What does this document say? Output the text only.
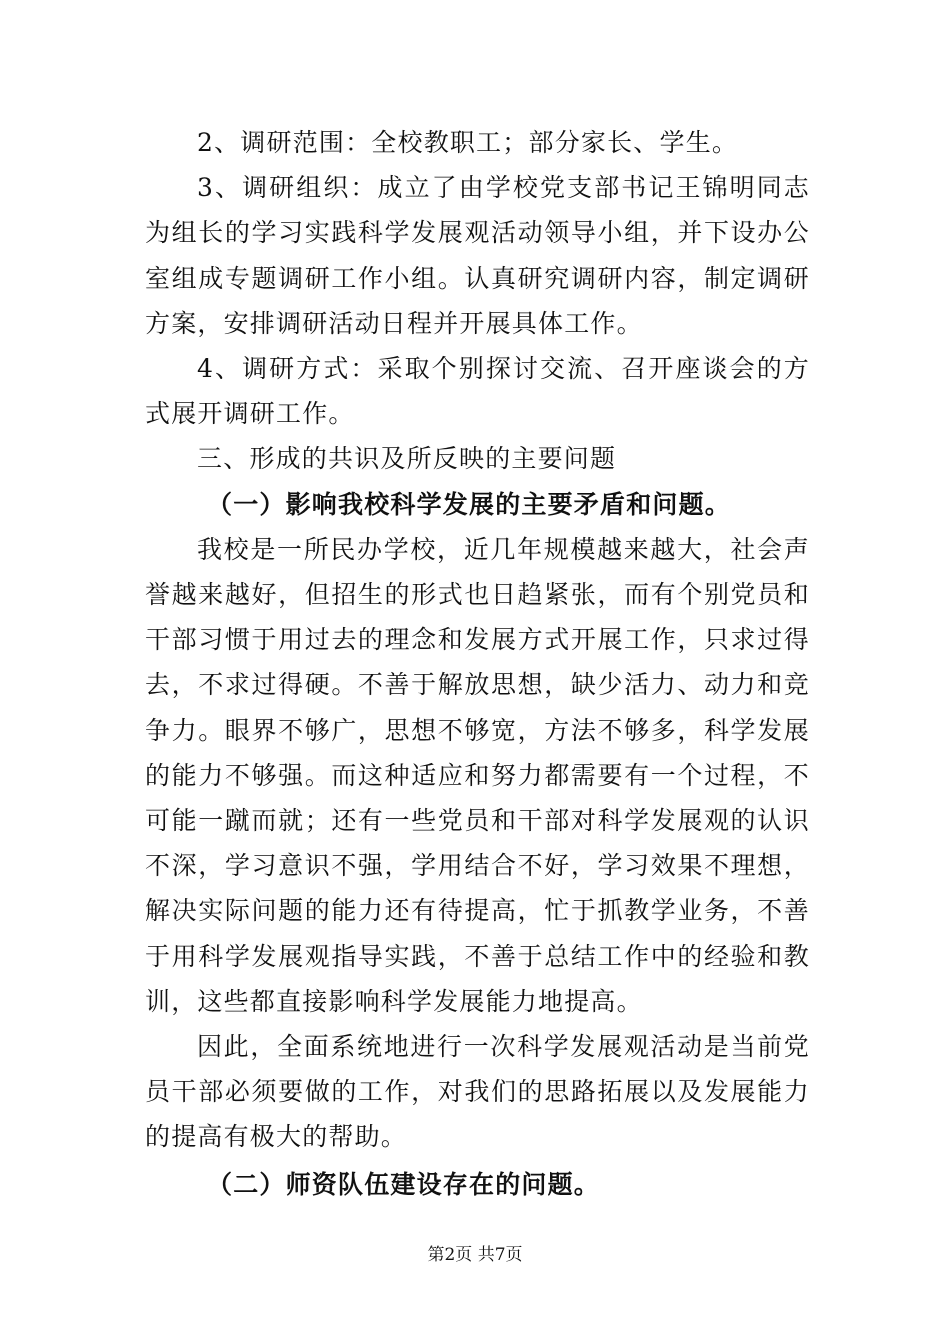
2、调研范围：全校教职工；部分家长、学生。

3、调研组织：成立了由学校党支部书记王锦明同志为组长的学习实践科学发展观活动领导小组，并下设办公室组成专题调研工作小组。认真研究调研内容，制定调研方案，安排调研活动日程并开展具体工作。

4、调研方式：采取个别探讨交流、召开座谈会的方式展开调研工作。

三、形成的共识及所反映的主要问题
（一）影响我校科学发展的主要矛盾和问题。

我校是一所民办学校，近几年规模越来越大，社会声誉越来越好，但招生的形式也日趋紧张，而有个别党员和干部习惯于用过去的理念和发展方式开展工作，只求过得去，不求过得硬。不善于解放思想，缺少活力、动力和竞争力。眼界不够广，思想不够宽，方法不够多，科学发展的能力不够强。而这种适应和努力都需要有一个过程，不可能一蹴而就；还有一些党员和干部对科学发展观的认识不深，学习意识不强，学用结合不好，学习效果不理想，解决实际问题的能力还有待提高，忙于抓教学业务，不善于用科学发展观指导实践，不善于总结工作中的经验和教训，这些都直接影响科学发展能力地提高。

因此，全面系统地进行一次科学发展观活动是当前党员干部必须要做的工作，对我们的思路拓展以及发展能力的提高有极大的帮助。

（二）师资队伍建设存在的问题。
第2页 共7页
